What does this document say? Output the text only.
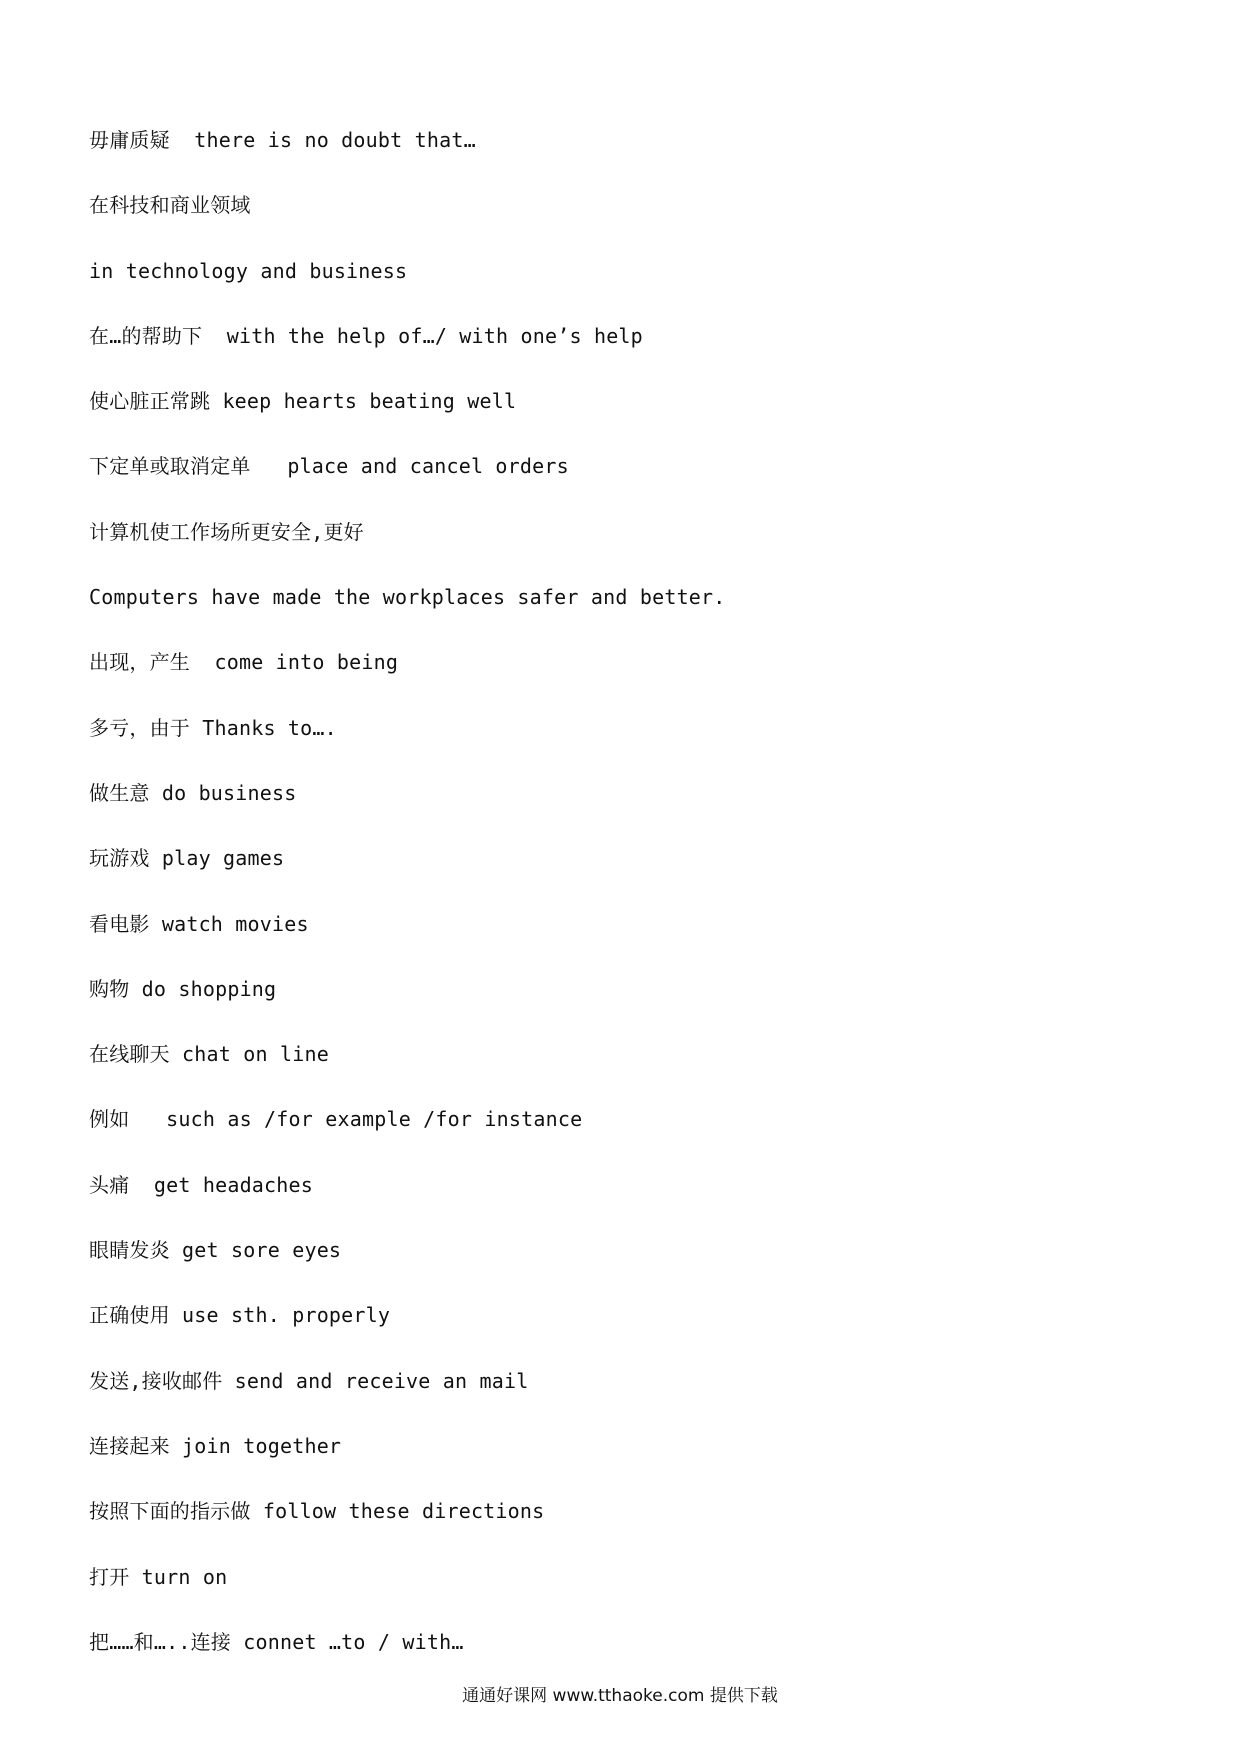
毋庸质疑  there is no doubt that…
在科技和商业领域
in technology and business
在…的帮助下  with the help of…/ with one’s help
使心脏正常跳 keep hearts beating well
下定单或取消定单   place and cancel orders
计算机使工作场所更安全,更好
Computers have made the workplaces safer and better.
出现，产生  come into being
多亏，由于 Thanks to….
做生意 do business
玩游戏 play games
看电影 watch movies
购物 do shopping
在线聊天 chat on line
例如   such as /for example /for instance
头痛  get headaches
眼睛发炎 get sore eyes
正确使用 use sth. properly
发送,接收邮件 send and receive an mail
连接起来 join together
按照下面的指示做 follow these directions
打开 turn on
把……和…..连接 connet …to / with…
通通好课网 www.tthaoke.com 提供下载
